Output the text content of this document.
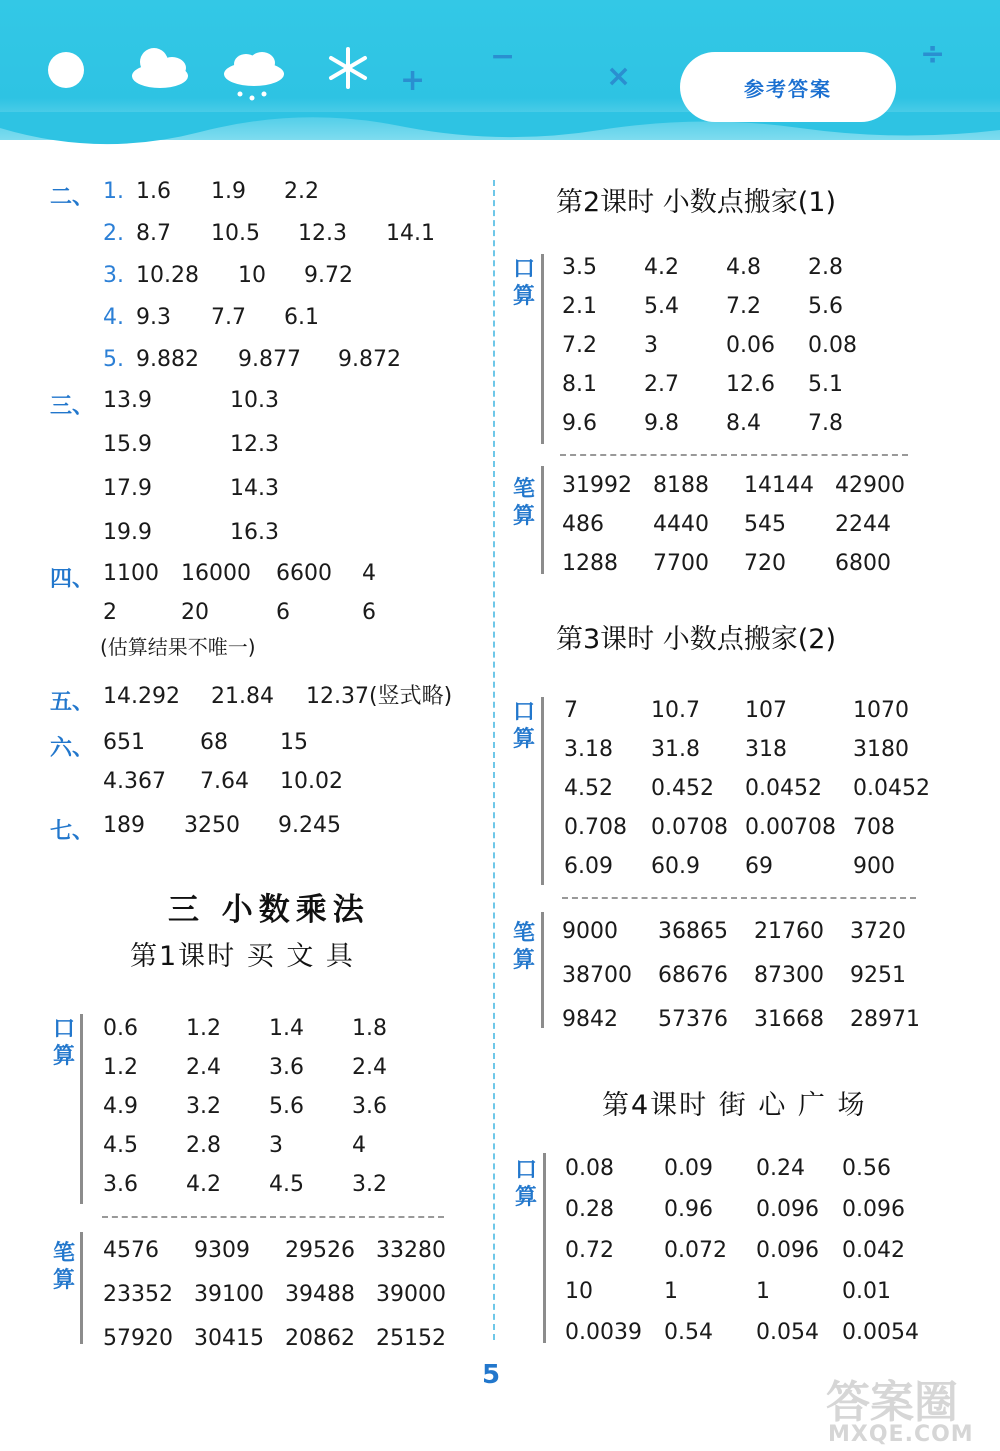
+
−
×
÷
参考答案
二、 1. 1.6 1.9 2.2
2. 8.7 10.5 12.3 14.1
3. 10.28 10 9.72
4. 9.3 7.7 6.1
5. 9.882 9.877 9.872
三、 13.9	10.3
15.9	12.3
17.9	14.3
19.9	16.3
四、 1100 16000 6600 4
2	20	6	6
(估算结果不唯一)
五、 14.292 21.84 12.37(竖式略)
六、 651	68 15
4.367 7.64 10.02
七、 189 3250 9.245
三 小数乘法
第1课时 买 文 具
口
算
0.6	1.2	1.4	1.8
1.2	2.4	3.6	2.4
4.9	3.2	5.6	3.6
4.5	2.8	3	4
3.6	4.2	4.5	3.2
笔
算
4576	9309	29526 33280
23352 39100 39488 39000
57920 30415 20862 25152
第2课时 小数点搬家(1)
口
算
3.5	4.2	4.8	2.8
2.1	5.4	7.2	5.6
7.2	3	0.06	0.08
8.1	2.7	12.6	5.1
9.6	9.8	8.4	7.8
笔
算
31992 8188	14144 42900
486	4440	545	2244
1288	7700	720	6800
第3课时 小数点搬家(2)
口
算
7	10.7	107	1070
3.18	31.8	318	3180
4.52	0.452	0.0452	0.0452
0.708	0.0708 0.00708 708
6.09	60.9	69	900
笔
算
9000	36865	21760	3720
38700	68676	87300	9251
9842	57376	31668	28971
第4课时 街 心 广 场
口
算
0.08	0.09	0.24	0.56
0.28	0.96	0.096	0.096
0.72	0.072	0.096	0.042
10	1	1	0.01
0.0039	0.54	0.054	0.0054
5
答案圈
MXQE.COM
